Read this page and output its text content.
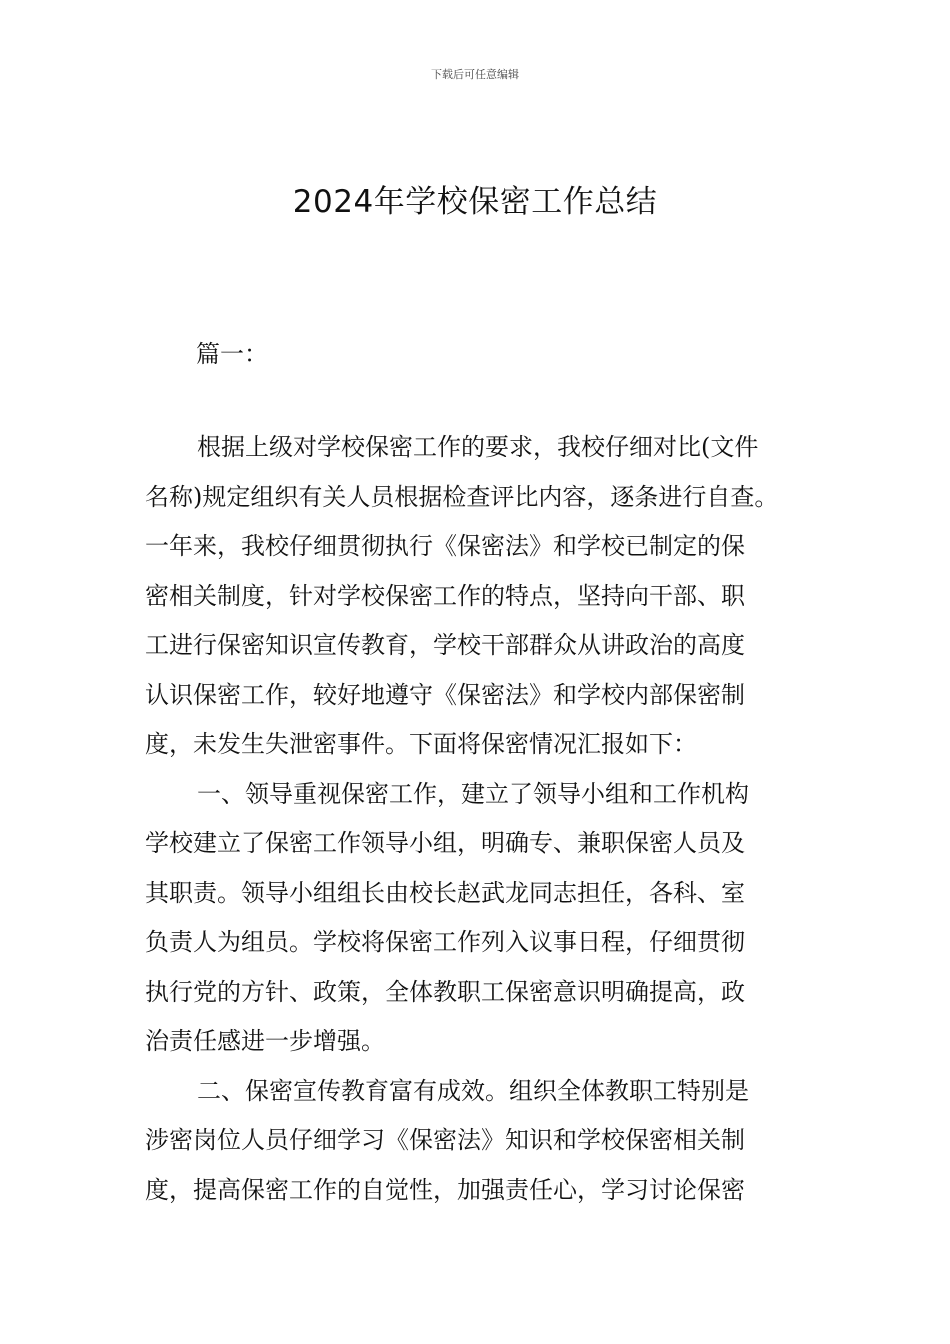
下载后可任意编辑
2024年学校保密工作总结
篇一：
根据上级对学校保密工作的要求，我校仔细对比(文件
名称)规定组织有关人员根据检查评比内容，逐条进行自查。
一年来，我校仔细贯彻执行《保密法》和学校已制定的保
密相关制度，针对学校保密工作的特点，坚持向干部、职
工进行保密知识宣传教育，学校干部群众从讲政治的高度
认识保密工作，较好地遵守《保密法》和学校内部保密制
度，未发生失泄密事件。下面将保密情况汇报如下：
一、领导重视保密工作，建立了领导小组和工作机构
学校建立了保密工作领导小组，明确专、兼职保密人员及
其职责。领导小组组长由校长赵武龙同志担任，各科、室
负责人为组员。学校将保密工作列入议事日程，仔细贯彻
执行党的方针、政策，全体教职工保密意识明确提高，政
治责任感进一步增强。
二、保密宣传教育富有成效。组织全体教职工特别是
涉密岗位人员仔细学习《保密法》知识和学校保密相关制
度，提高保密工作的自觉性，加强责任心，学习讨论保密
